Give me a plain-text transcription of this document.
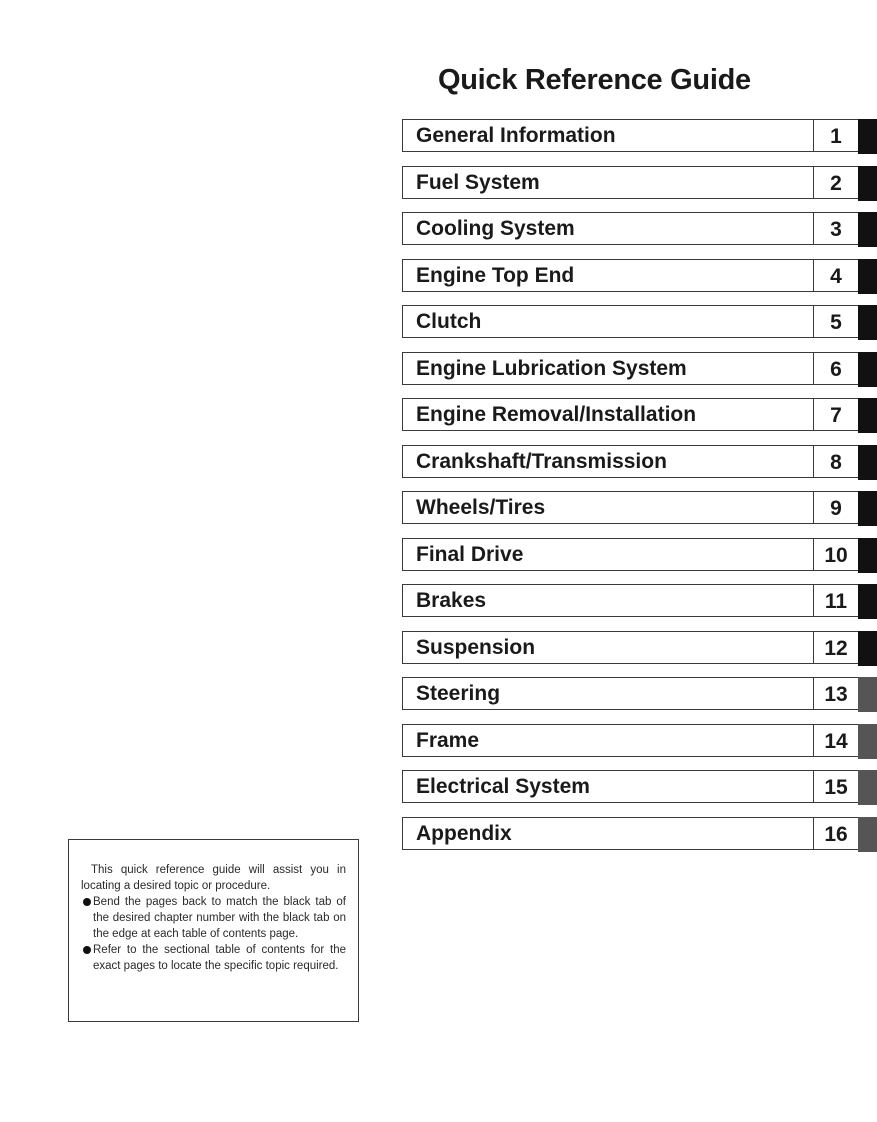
Quick Reference Guide
General Information	1
Fuel System	2
Cooling System	3
Engine Top End	4
Clutch	5
Engine Lubrication System	6
Engine Removal/Installation	7
Crankshaft/Transmission	8
Wheels/Tires	9
Final Drive	10
Brakes	11
Suspension	12
Steering	13
Frame	14
Electrical System	15
Appendix	16

This quick reference guide will assist you in locating a desired topic or procedure.

Bend the pages back to match the black tab of the desired chapter number with the black tab on the edge at each table of contents page.

Refer to the sectional table of contents for the exact pages to locate the specific topic required.
